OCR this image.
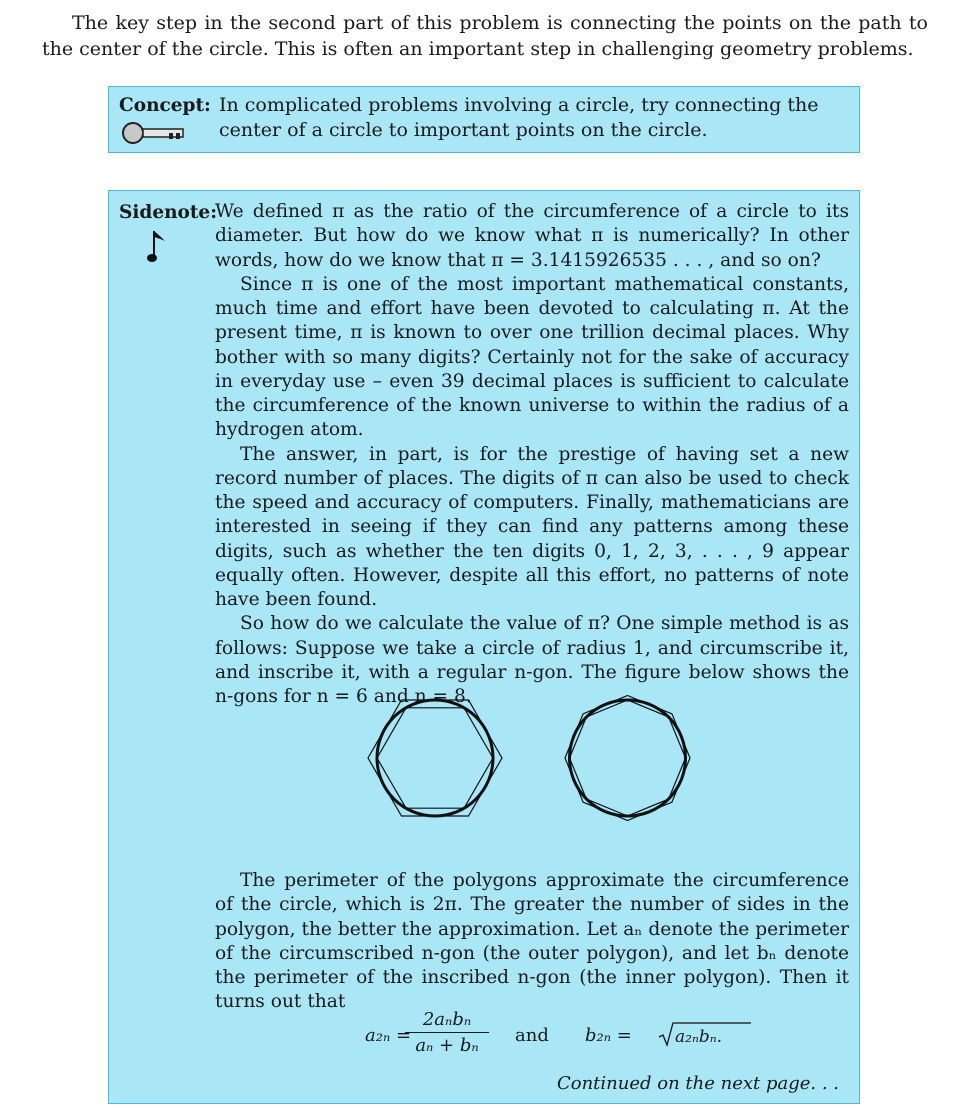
The key step in the second part of this problem is connecting the points on the path to the center of the circle. This is often an important step in challenging geometry problems.
Concept: In complicated problems involving a circle, try connecting the center of a circle to important points on the circle.
Sidenote:

We defined π as the ratio of the circumference of a circle to its diameter. But how do we know what π is numerically? In other words, how do we know that π = 3.1415926535 . . . , and so on?

Since π is one of the most important mathematical constants, much time and effort have been devoted to calculating π. At the present time, π is known to over one trillion decimal places. Why bother with so many digits? Certainly not for the sake of accuracy in everyday use – even 39 decimal places is sufficient to calculate the circumference of the known universe to within the radius of a hydrogen atom.

The answer, in part, is for the prestige of having set a new record number of places. The digits of π can also be used to check the speed and accuracy of computers. Finally, mathematicians are interested in seeing if they can find any patterns among these digits, such as whether the ten digits 0, 1, 2, 3, . . . , 9 appear equally often. However, despite all this effort, no patterns of note have been found.

So how do we calculate the value of π? One simple method is as follows: Suppose we take a circle of radius 1, and circumscribe it, and inscribe it, with a regular n-gon. The figure below shows the n-gons for n = 6 and n = 8.

The perimeter of the polygons approximate the circumference of the circle, which is 2π. The greater the number of sides in the polygon, the better the approximation. Let aₙ denote the perimeter of the circumscribed n-gon (the outer polygon), and let bₙ denote the perimeter of the inscribed n-gon (the inner polygon). Then it turns out that

a₂ₙ =
2aₙbₙ
aₙ + bₙ	and b₂ₙ =	a₂ₙbₙ.
Continued on the next page. . .
